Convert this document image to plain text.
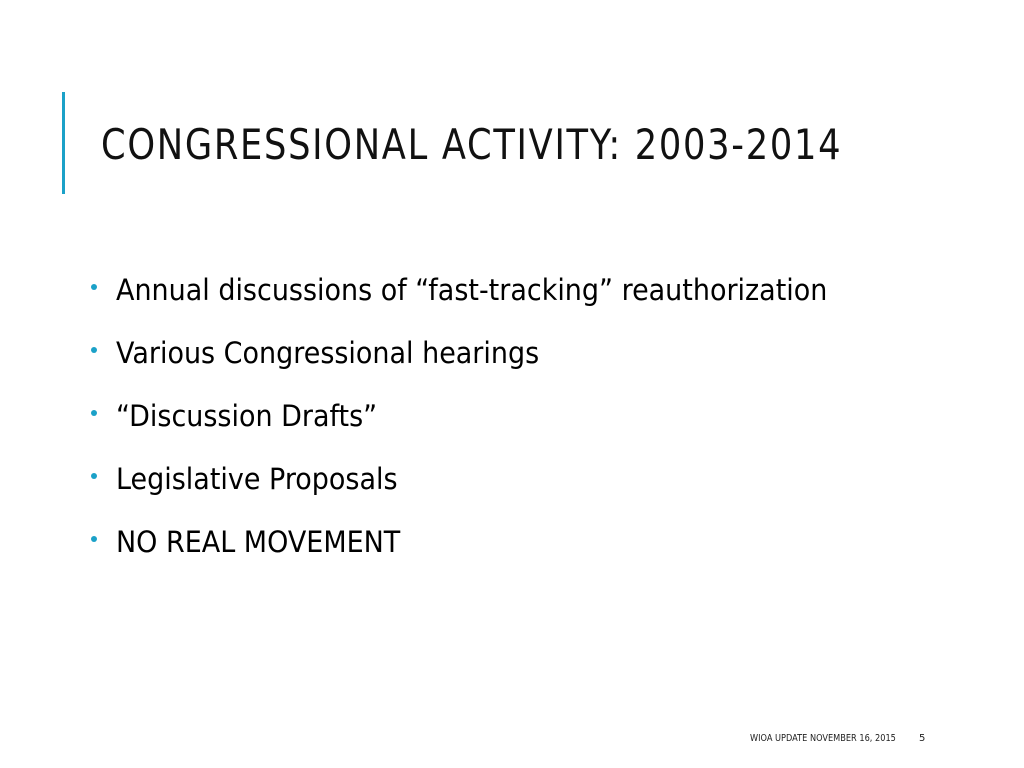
CONGRESSIONAL ACTIVITY: 2003-2014
Annual discussions of “fast-tracking” reauthorization
Various Congressional hearings
“Discussion Drafts”
Legislative Proposals
NO REAL MOVEMENT
WIOA UPDATE NOVEMBER 16, 2015 5
